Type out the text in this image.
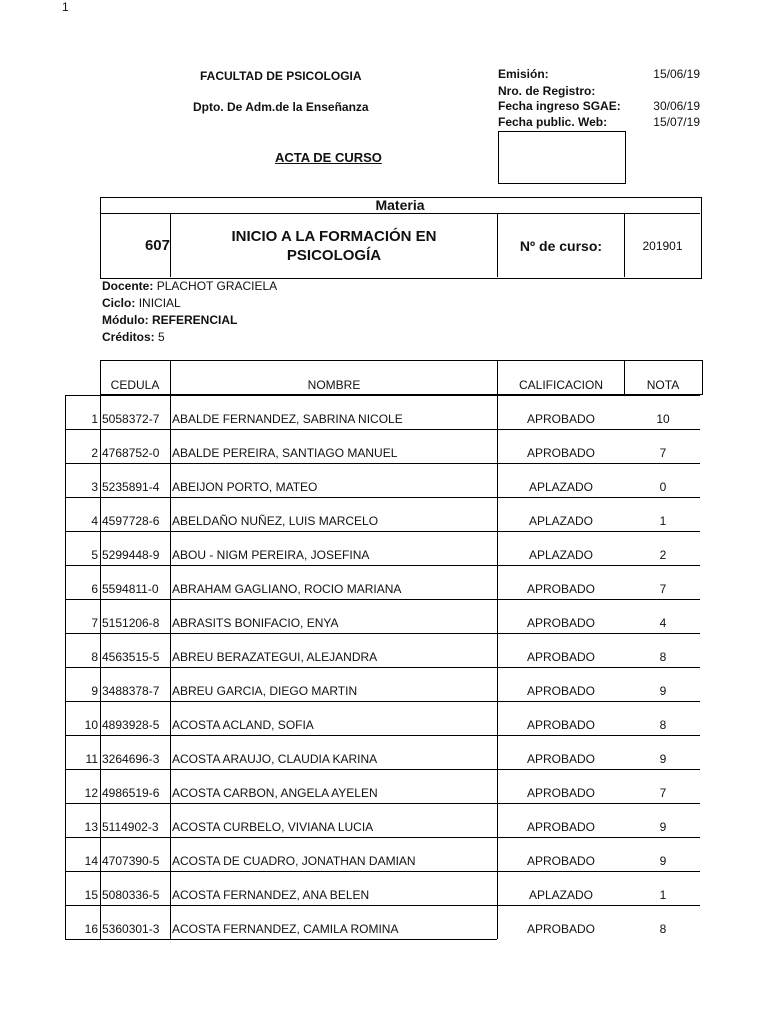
1
FACULTAD DE PSICOLOGIA
Dpto. De Adm.de la Enseñanza
ACTA DE CURSO
Emisión:	15/06/19
Nro. de Registro:
Fecha ingreso SGAE:	30/06/19
Fecha public. Web:	15/07/19
Materia
607
INICIO A LA FORMACIÓN EN
PSICOLOGÍA
Nº de curso:	201901
Docente: PLACHOT GRACIELA
Ciclo: INICIAL
Módulo: REFERENCIAL
Créditos: 5
CEDULA	NOMBRE	CALIFICACION	NOTA
1 5058372-7 ABALDE FERNANDEZ, SABRINA NICOLE	APROBADO	10
2 4768752-0 ABALDE PEREIRA, SANTIAGO MANUEL	APROBADO	7
3 5235891-4 ABEIJON PORTO, MATEO	APLAZADO	0
4 4597728-6 ABELDAÑO NUÑEZ, LUIS MARCELO	APLAZADO	1
5 5299448-9 ABOU - NIGM PEREIRA, JOSEFINA	APLAZADO	2
6 5594811-0 ABRAHAM GAGLIANO, ROCIO MARIANA	APROBADO	7
7 5151206-8 ABRASITS BONIFACIO, ENYA	APROBADO	4
8 4563515-5 ABREU BERAZATEGUI, ALEJANDRA	APROBADO	8
9 3488378-7 ABREU GARCIA, DIEGO MARTIN	APROBADO	9
10 4893928-5 ACOSTA ACLAND, SOFIA	APROBADO	8
11 3264696-3 ACOSTA ARAUJO, CLAUDIA KARINA	APROBADO	9
12 4986519-6 ACOSTA CARBON, ANGELA AYELEN	APROBADO	7
13 5114902-3 ACOSTA CURBELO, VIVIANA LUCIA	APROBADO	9
14 4707390-5 ACOSTA DE CUADRO, JONATHAN DAMIAN	APROBADO	9
15 5080336-5 ACOSTA FERNANDEZ, ANA BELEN	APLAZADO	1
16 5360301-3 ACOSTA FERNANDEZ, CAMILA ROMINA	APROBADO	8
